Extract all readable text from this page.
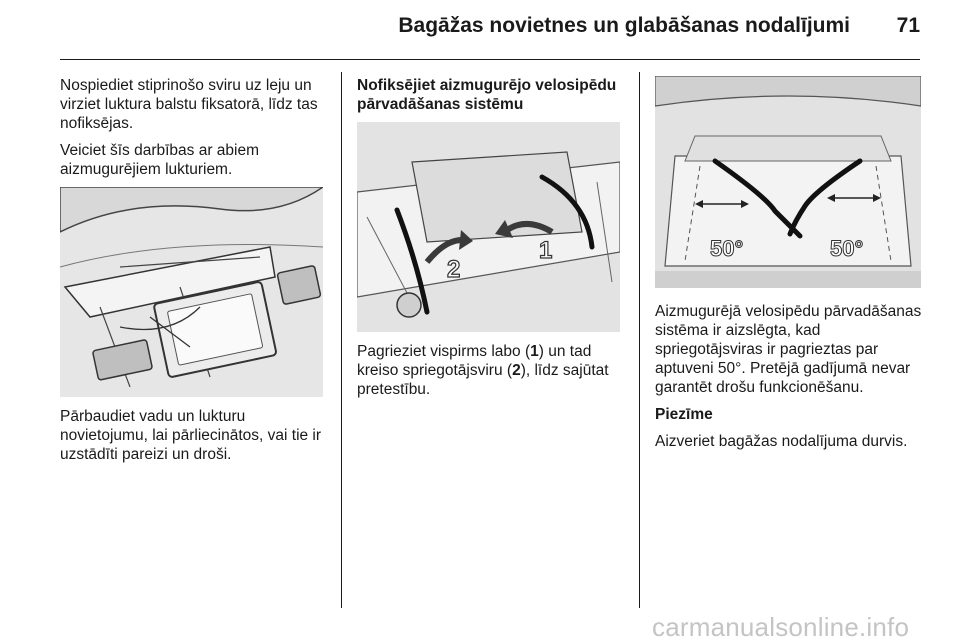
Bagāžas novietnes un glabāšanas nodalījumi	71

Nospiediet stiprinošo sviru uz leju un virziet luktura balstu fiksatorā, līdz tas nofiksējas.

Veiciet šīs darbības ar abiem aizmugurējiem lukturiem.

Pārbaudiet vadu un lukturu novietojumu, lai pārliecinātos, vai tie ir uzstādīti pareizi un droši.

Nofiksējiet aizmugurējo velosipēdu pārvadāšanas sistēmu

1
2

Pagrieziet vispirms labo (1) un tad kreiso spriegotājsviru (2), līdz sajūtat pretestību.

50°	50°

Aizmugurējā velosipēdu pārvadāšanas sistēma ir aizslēgta, kad spriegotājsviras ir pagrieztas par aptuveni 50°. Pretējā gadījumā nevar garantēt drošu funkcionēšanu.

Piezīme

Aizveriet bagāžas nodalījuma durvis.

carmanualsonline.info
